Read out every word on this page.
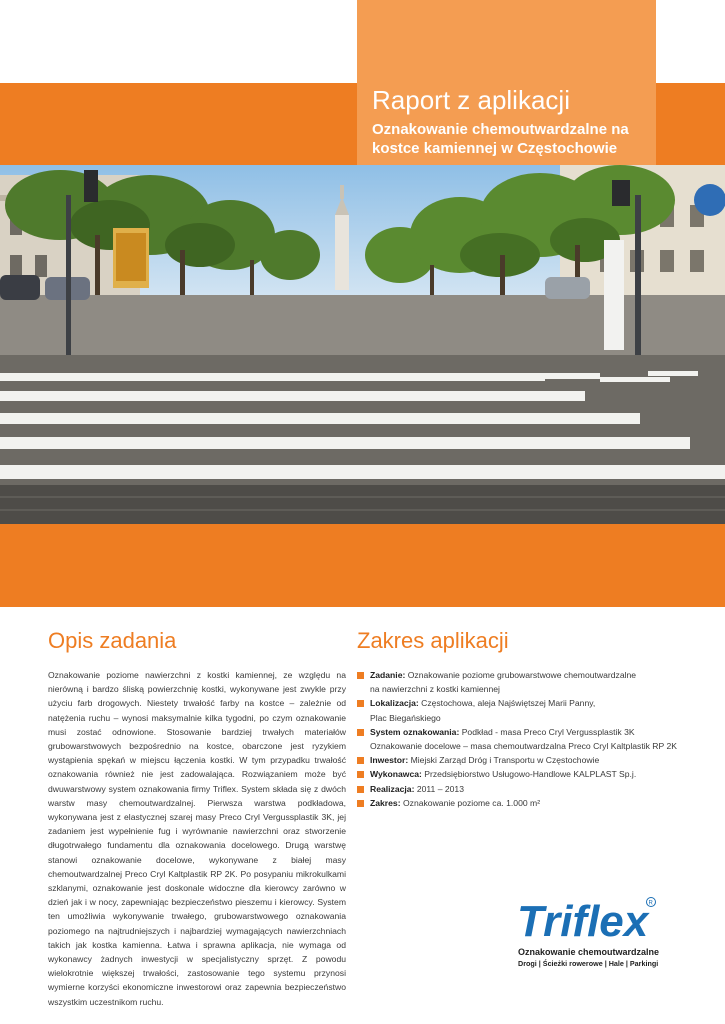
Raport z aplikacji
Oznakowanie chemoutwardzalne na kostce kamiennej w Częstochowie
Opis zadania

Oznakowanie poziome nawierzchni z kostki kamiennej, ze względu na nierówną i bardzo śliską powierzchnię kostki, wykonywane jest zwykle przy użyciu farb drogowych. Niestety trwałość farby na kostce – zależnie od natężenia ruchu – wynosi maksymalnie kilka tygodni, po czym oznakowanie musi zostać odnowione. Stosowanie bardziej trwałych materiałów grubowarstwowych bezpośrednio na kostce, obarczone jest ryzykiem wystąpienia spękań w miejscu łączenia kostki. W tym przypadku trwałość oznakowania również nie jest zadowalająca. Rozwiązaniem może być dwuwarstwowy system oznakowania firmy Triflex. System składa się z dwóch warstw masy chemoutwardzalnej. Pierwsza warstwa podkładowa, wykonywana jest z elastycznej szarej masy Preco Cryl Vergussplastik 3K, jej zadaniem jest wypełnienie fug i wyrównanie nawierzchni oraz stworzenie długotrwałego fundamentu dla oznakowania docelowego. Drugą warstwę stanowi oznakowanie docelowe, wykonywane z białej masy chemoutwardzalnej Preco Cryl Kaltplastik RP 2K. Po posypaniu mikrokulkami szklanymi, oznakowanie jest doskonale widoczne dla kierowcy zarówno w dzień jak i w nocy, zapewniając bezpieczeństwo pieszemu i kierowcy. System ten umożliwia wykonywanie trwałego, grubowarstwowego oznakowania poziomego na najtrudniejszych i najbardziej wymagających nawierzchniach takich jak kostka kamienna. Łatwa i sprawna aplikacja, nie wymaga od wykonawcy żadnych inwestycji w specjalistyczny sprzęt. Z powodu wielokrotnie większej trwałości, zastosowanie tego systemu przynosi wymierne korzyści ekonomiczne inwestorowi oraz zapewnia bezpieczeństwo wszystkim uczestnikom ruchu.

Zakres aplikacji
Zadanie: Oznakowanie poziome grubowarstwowe chemoutwardzalne
na nawierzchni z kostki kamiennej
Lokalizacja: Częstochowa, aleja Najświętszej Marii Panny,
Plac Biegańskiego
System oznakowania: Podkład - masa Preco Cryl Vergussplastik 3K
Oznakowanie docelowe – masa chemoutwardzalna Preco Cryl Kaltplastik RP 2K
Inwestor: Miejski Zarząd Dróg i Transportu w Częstochowie
Wykonawca: Przedsiębiorstwo Usługowo-Handlowe KALPLAST Sp.j.
Realizacja: 2011 – 2013
Zakres: Oznakowanie poziome ca. 1.000 m²
Triflex R
Oznakowanie chemoutwardzalne
Drogi | Ścieżki rowerowe | Hale | Parkingi
